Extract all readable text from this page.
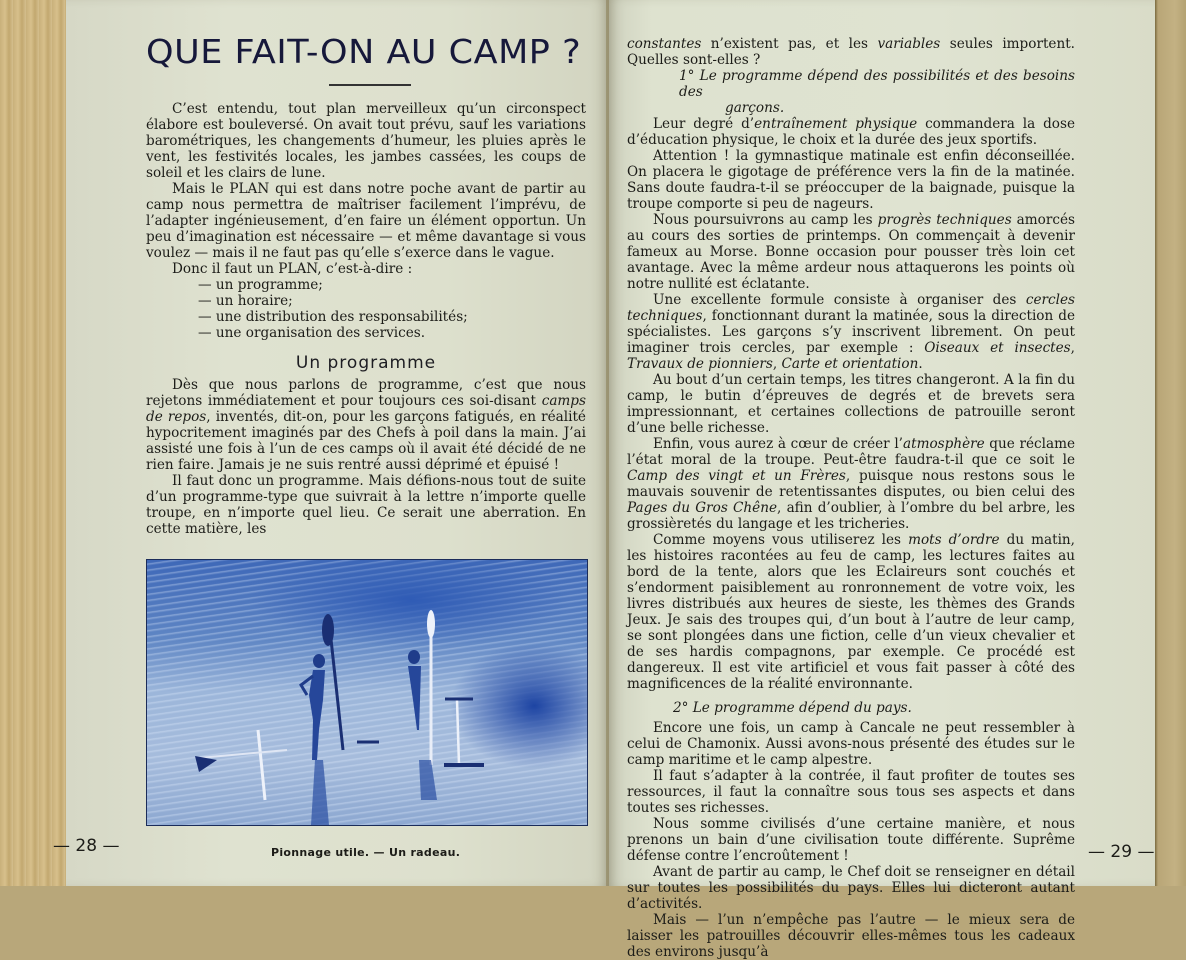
QUE FAIT-ON AU CAMP ?

C’est entendu, tout plan merveilleux qu’un circonspect élabore est bouleversé. On avait tout prévu, sauf les variations barométriques, les changements d’humeur, les pluies après le vent, les festivités locales, les jambes cassées, les coups de soleil et les clairs de lune.

Mais le PLAN qui est dans notre poche avant de partir au camp nous permettra de maîtriser facilement l’imprévu, de l’adapter ingénieusement, d’en faire un élément opportun. Un peu d’imagination est nécessaire — et même davantage si vous voulez — mais il ne faut pas qu’elle s’exerce dans le vague.

Donc il faut un PLAN, c’est-à-dire :

— un programme;
— un horaire;
— une distribution des responsabilités;
— une organisation des services.
Un programme

Dès que nous parlons de programme, c’est que nous rejetons immédiatement et pour toujours ces soi-disant camps de repos, inventés, dit-on, pour les garçons fatigués, en réalité hypocritement imaginés par des Chefs à poil dans la main. J’ai assisté une fois à l’un de ces camps où il avait été décidé de ne rien faire. Jamais je ne suis rentré aussi déprimé et épuisé !

Il faut donc un programme. Mais défions-nous tout de suite d’un programme-type que suivrait à la lettre n’importe quelle troupe, en n’importe quel lieu. Ce serait une aberration. En cette matière, les

— 28 —	Pionnage utile. — Un radeau.

constantes n’existent pas, et les variables seules importent. Quelles sont-elles ?

1° Le programme dépend des possibilités et des besoins des
garçons.

Leur degré d’entraînement physique commandera la dose d’éducation physique, le choix et la durée des jeux sportifs.

Attention ! la gymnastique matinale est enfin déconseillée. On placera le gigotage de préférence vers la fin de la matinée. Sans doute faudra-t-il se préoccuper de la baignade, puisque la troupe comporte si peu de nageurs.

Nous poursuivrons au camp les progrès techniques amorcés au cours des sorties de printemps. On commençait à devenir fameux au Morse. Bonne occasion pour pousser très loin cet avantage. Avec la même ardeur nous attaquerons les points où notre nullité est éclatante.

Une excellente formule consiste à organiser des cercles techniques, fonctionnant durant la matinée, sous la direction de spécialistes. Les garçons s’y inscrivent librement. On peut imaginer trois cercles, par exemple : Oiseaux et insectes, Travaux de pionniers, Carte et orientation.

Au bout d’un certain temps, les titres changeront. A la fin du camp, le butin d’épreuves de degrés et de brevets sera impressionnant, et certaines collections de patrouille seront d’une belle richesse.

Enfin, vous aurez à cœur de créer l’atmosphère que réclame l’état moral de la troupe. Peut-être faudra-t-il que ce soit le Camp des vingt et un Frères, puisque nous restons sous le mauvais souvenir de retentissantes disputes, ou bien celui des Pages du Gros Chêne, afin d’oublier, à l’ombre du bel arbre, les grossièretés du langage et les tricheries.

Comme moyens vous utiliserez les mots d’ordre du matin, les histoires racontées au feu de camp, les lectures faites au bord de la tente, alors que les Eclaireurs sont couchés et s’endorment paisiblement au ronronnement de votre voix, les livres distribués aux heures de sieste, les thèmes des Grands Jeux. Je sais des troupes qui, d’un bout à l’autre de leur camp, se sont plongées dans une fiction, celle d’un vieux chevalier et de ses hardis compagnons, par exemple. Ce procédé est dangereux. Il est vite artificiel et vous fait passer à côté des magnificences de la réalité environnante.

2° Le programme dépend du pays.

Encore une fois, un camp à Cancale ne peut ressembler à celui de Chamonix. Aussi avons-nous présenté des études sur le camp maritime et le camp alpestre.

Il faut s’adapter à la contrée, il faut profiter de toutes ses ressources, il faut la connaître sous tous ses aspects et dans toutes ses richesses.

Nous somme civilisés d’une certaine manière, et nous prenons un bain d’une civilisation toute différente. Suprême défense contre l’encroûtement !

Avant de partir au camp, le Chef doit se renseigner en détail sur toutes les possibilités du pays. Elles lui dicteront autant d’activités.

Mais — l’un n’empêche pas l’autre — le mieux sera de laisser les patrouilles découvrir elles-mêmes tous les cadeaux des environs jusqu’à

— 29 —
